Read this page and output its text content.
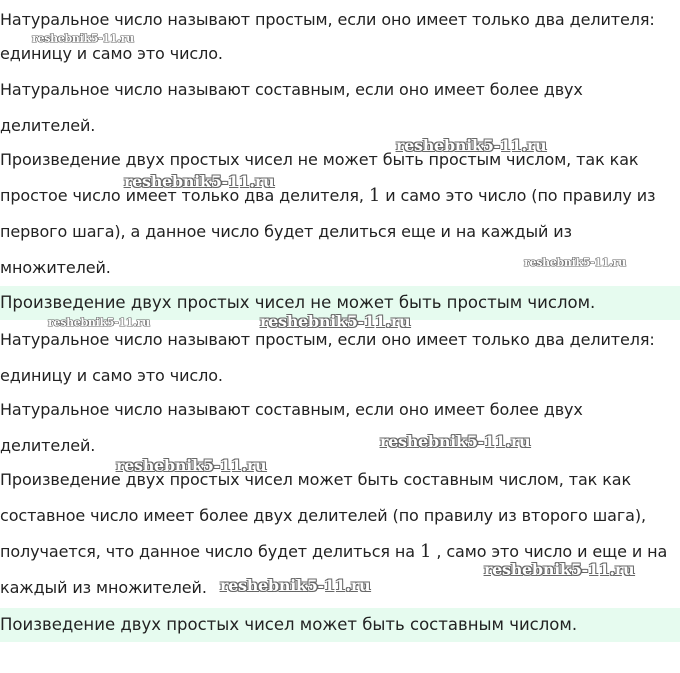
Натуральное число называют простым, если оно имеет только два делителя:
единицу и само это число.
Натуральное число называют составным, если оно имеет более двух
делителей.
Произведение двух простых чисел не может быть простым числом, так как
простое число имеет только два делителя, 1 и само это число (по правилу из
первого шага), а данное число будет делиться еще и на каждый из
множителей.
Произведение двух простых чисел не может быть простым числом.
Натуральное число называют простым, если оно имеет только два делителя:
единицу и само это число.
Натуральное число называют составным, если оно имеет более двух
делителей.
Произведение двух простых чисел может быть составным числом, так как
составное число имеет более двух делителей (по правилу из второго шага),
получается, что данное число будет делиться на 1 , само это число и еще и на
каждый из множителей.
Поизведение двух простых чисел может быть составным числом.
reshebnik5-11.ru
reshebnik5-11.ru
reshebnik5-11.ru
reshebnik5-11.ru
reshebnik5-11.ru	reshebnik5-11.ru
reshebnik5-11.ru
reshebnik5-11.ru
reshebnik5-11.ru
reshebnik5-11.ru
